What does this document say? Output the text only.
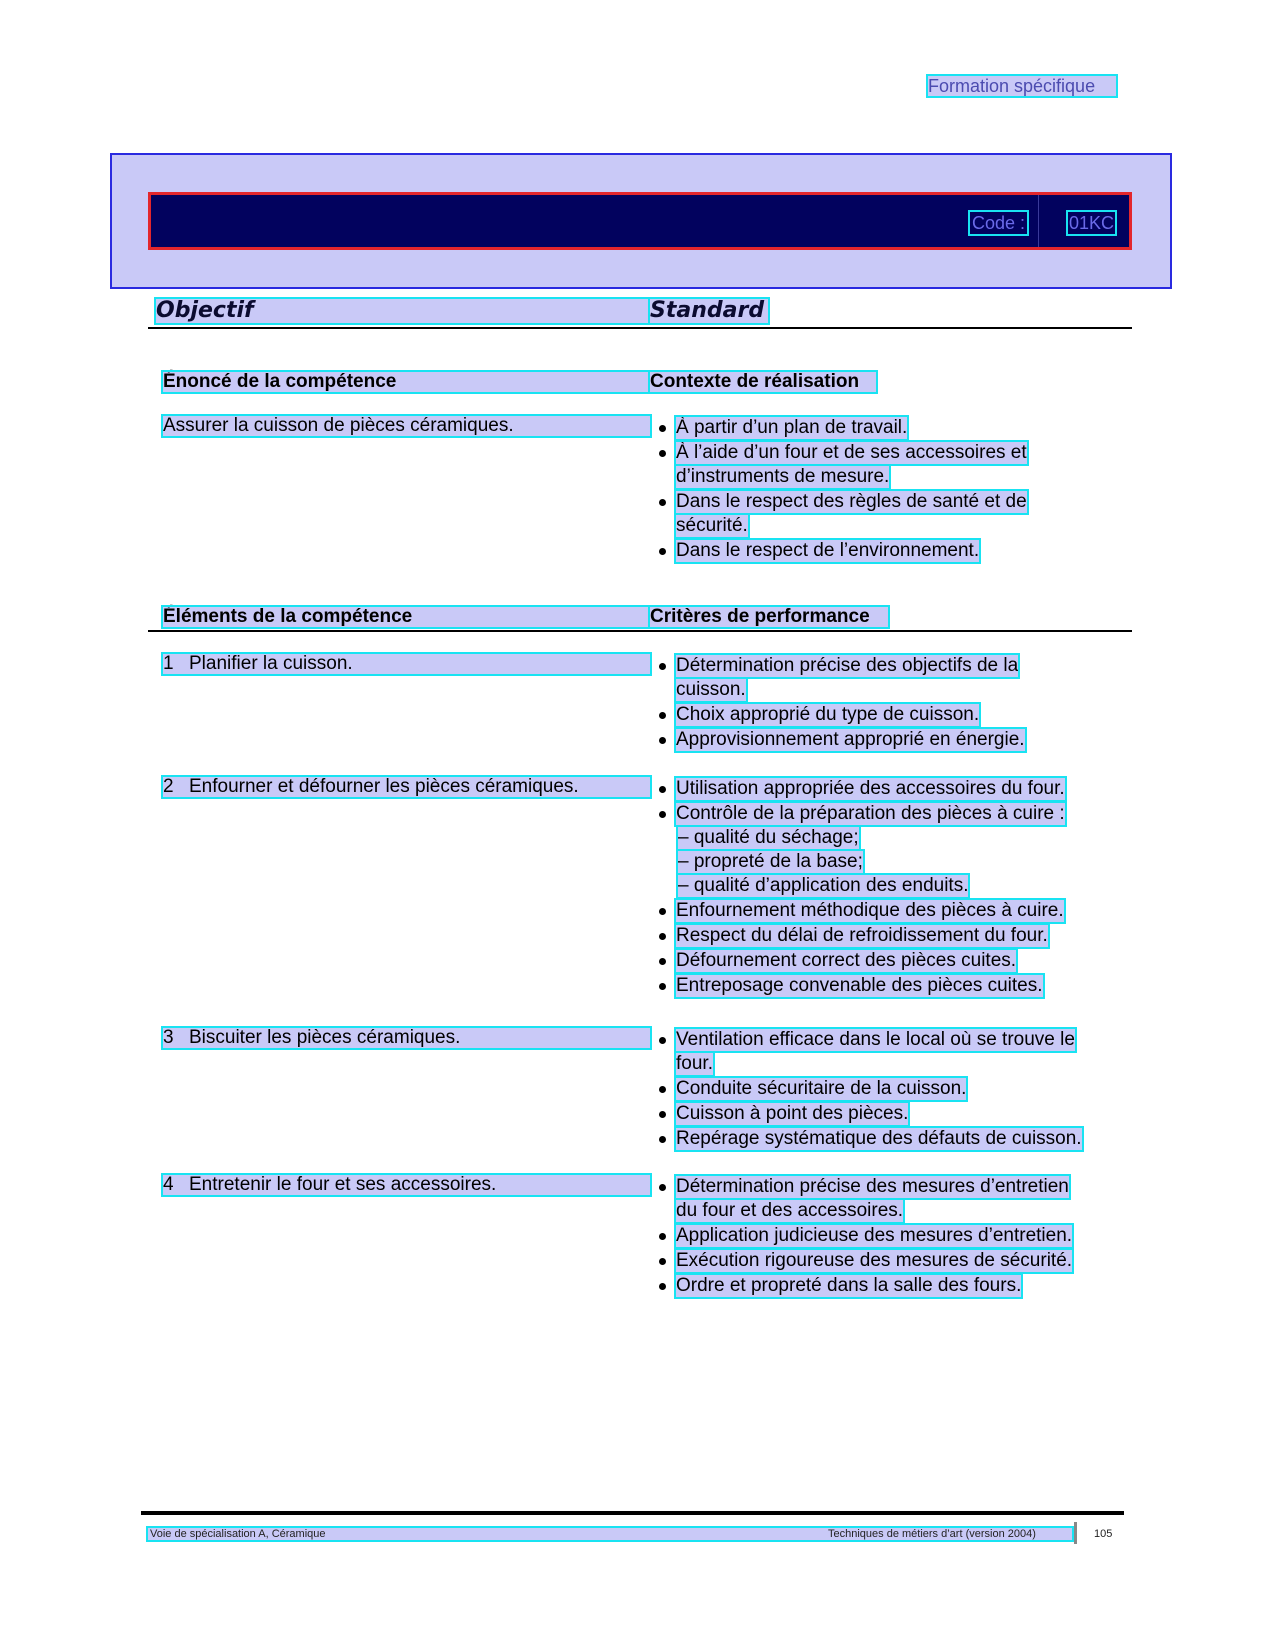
Formation spécifique
Code : 01KC
Objectif	Standard
Énoncé de la compétence	Contexte de réalisation
Assurer la cuisson de pièces céramiques.	À partir d’un plan de travail.
À l’aide d’un four et de ses accessoires et
d’instruments de mesure.
Dans le respect des règles de santé et de
sécurité.
Dans le respect de l’environnement.
Éléments de la compétence	Critères de performance
1 Planifier la cuisson.	Détermination précise des objectifs de la
cuisson.
Choix approprié du type de cuisson.
Approvisionnement approprié en énergie.
2 Enfourner et défourner les pièces céramiques.	Utilisation appropriée des accessoires du four.
Contrôle de la préparation des pièces à cuire :
– qualité du séchage;
– propreté de la base;
– qualité d’application des enduits.
Enfournement méthodique des pièces à cuire.
Respect du délai de refroidissement du four.
Défournement correct des pièces cuites.
Entreposage convenable des pièces cuites.
3 Biscuiter les pièces céramiques.	Ventilation efficace dans le local où se trouve le
four.
Conduite sécuritaire de la cuisson.
Cuisson à point des pièces.
Repérage systématique des défauts de cuisson.
4 Entretenir le four et ses accessoires.	Détermination précise des mesures d’entretien
du four et des accessoires.
Application judicieuse des mesures d’entretien.
Exécution rigoureuse des mesures de sécurité.
Ordre et propreté dans la salle des fours.
Voie de spécialisation A, Céramique	Techniques de métiers d’art (version 2004)	105
